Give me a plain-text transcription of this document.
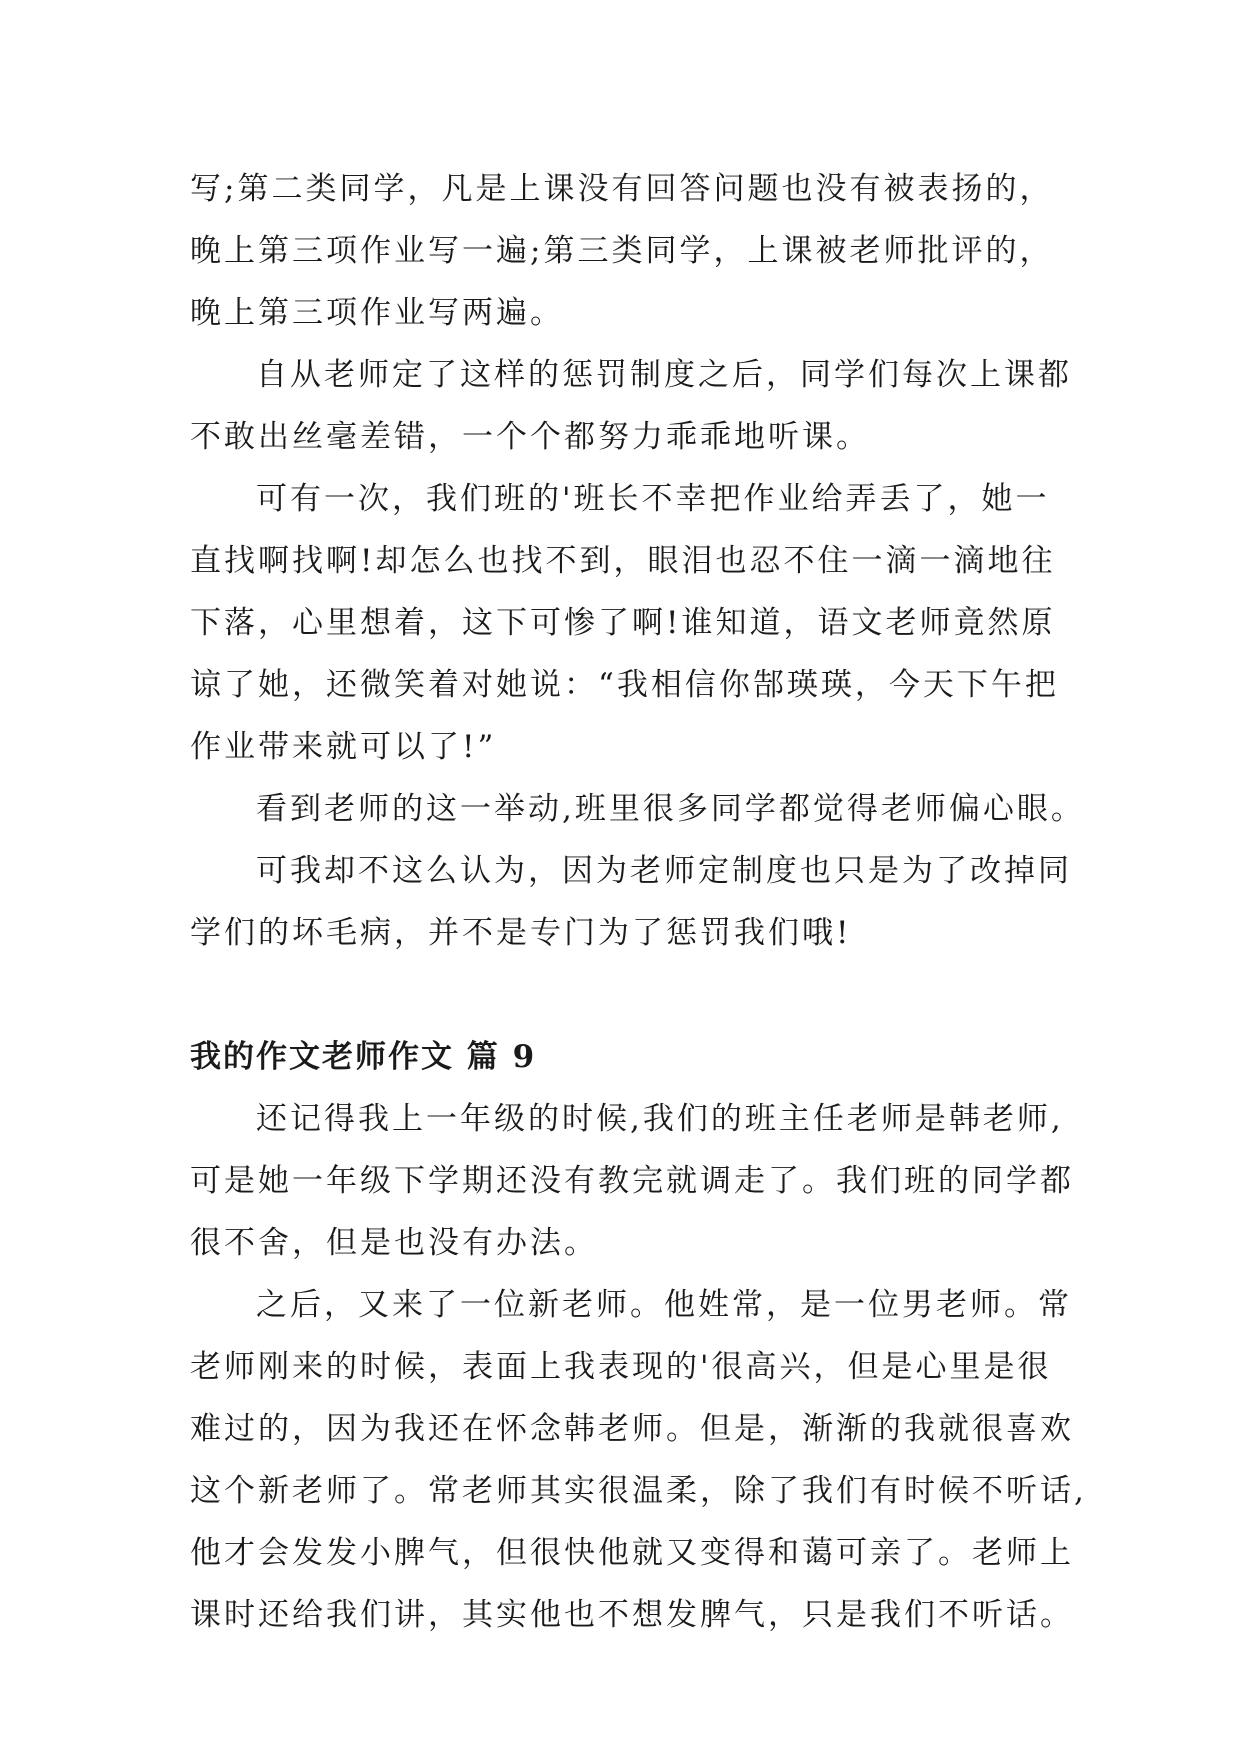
写;第二类同学，凡是上课没有回答问题也没有被表扬的，
晚上第三项作业写一遍;第三类同学，上课被老师批评的，
晚上第三项作业写两遍。

自从老师定了这样的惩罚制度之后，同学们每次上课都
不敢出丝毫差错，一个个都努力乖乖地听课。

可有一次，我们班的'班长不幸把作业给弄丢了，她一
直找啊找啊!却怎么也找不到，眼泪也忍不住一滴一滴地往
下落，心里想着，这下可惨了啊!谁知道，语文老师竟然原
谅了她，还微笑着对她说：“我相信你郜瑛瑛，今天下午把
作业带来就可以了!”

看到老师的这一举动,班里很多同学都觉得老师偏心眼。

可我却不这么认为，因为老师定制度也只是为了改掉同
学们的坏毛病，并不是专门为了惩罚我们哦!

我的作文老师作文 篇 9

还记得我上一年级的时候,我们的班主任老师是韩老师,
可是她一年级下学期还没有教完就调走了。我们班的同学都
很不舍，但是也没有办法。

之后，又来了一位新老师。他姓常，是一位男老师。常
老师刚来的时候，表面上我表现的'很高兴，但是心里是很
难过的，因为我还在怀念韩老师。但是，渐渐的我就很喜欢
这个新老师了。常老师其实很温柔，除了我们有时候不听话,
他才会发发小脾气，但很快他就又变得和蔼可亲了。老师上
课时还给我们讲，其实他也不想发脾气，只是我们不听话。
